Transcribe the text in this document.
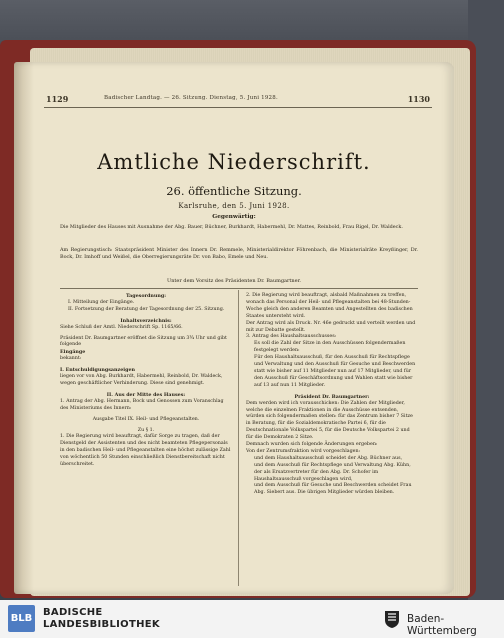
1129	Badischer Landtag. — 26. Sitzung. Dienstag, 5. Juni 1928.	1130
Amtliche Niederschrift.
26. öffentliche Sitzung.
Karlsruhe, den 5. Juni 1928.
Gegenwärtig:
Die Mitglieder des Hauses mit Ausnahme der Abg. Bauer, Büchner, Burkhardt, Habermehl, Dr. Mattes, Reinbold, Frau Rigel, Dr. Waldeck.
Am Regierungstisch: Staatspräsident Minister des Innern Dr. Remmele, Ministerialdirektor Föhrenbach, die Ministerialräte Kreyßinger, Dr. Bock, Dr. Imhoff und Weißel, die Oberregierungsräte Dr. von Babo, Emele und Neu.
Unter dem Vorsitz des Präsidenten Dr. Baumgartner.
Tagesordnung:
I. Mitteilung der Eingänge.
II. Fortsetzung der Beratung der Tagesordnung der 25. Sitzung.
Inhaltsverzeichnis:
Siehe Schluß der Amtl. Niederschrift Sp. 1165/66.
Präsident Dr. Baumgartner eröffnet die Sitzung um 3¾ Uhr und gibt folgende
Eingänge
bekannt:
I. Entschuldigungsanzeigen
liegen vor von Abg. Burkhardt, Habermehl, Reinbold, Dr. Waldeck, wegen geschäftlicher Verhinderung. Diese sind genehmigt.
II. Aus der Mitte des Hauses:
1. Antrag der Abg. Hermann, Bock und Genossen zum Voranschlag des Ministeriums des Innern:
Ausgabe Titel IX. Heil- und Pflegeanstalten.
Zu § 1.
1. Die Regierung wird beauftragt, dafür Sorge zu tragen, daß der Dienstgeld der Assistenten und des nicht beamteten Pflegepersonals in den badischen Heil- und Pflegeanstalten eine höchst zulässige Zahl von wöchentlich 50 Stunden einschließlich Dienstbereitschaft nicht überschreitet.
2. Die Regierung wird beauftragt, alsbald Maßnahmen zu treffen, wonach das Personal der Heil- und Pflegeanstalten bei 48-Stunden-Woche gleich den anderen Beamten und Angestellten des badischen Staates untersteht wird.
Der Antrag wird als Druck. Nr. 46e gedruckt und verteilt werden und mit zur Debatte gestellt.
3. Antrag des Haushaltsausschusses:
Es soll die Zahl der Sitze in den Ausschüssen folgendermaßen festgelegt werden:
Für den Haushaltsausschuß, für den Ausschuß für Rechtspflege und Verwaltung und den Ausschuß für Gesuche und Beschwerden statt wie bisher auf 11 Mitglieder nun auf 17 Mitglieder, und für den Ausschuß für Geschäftsordnung und Wahlen statt wie bisher auf 13 auf nun 11 Mitglieder.
Präsident Dr. Baumgartner:
Dem werden wird ich vorausschicken: Die Zahlen der Mitglieder, welche die einzelnen Fraktionen in die Ausschüsse entsenden, würden sich folgendermaßen stellen: für das Zentrum bisher 7 Sitze in Beratung, für die Sozialdemokratische Partei 6, für die Deutschnationale Volkspartei 5, für die Deutsche Volkspartei 2 und für die Demokraten 2 Sitze.
Demnach wurden sich folgende Änderungen ergeben:
Von der Zentrumsfraktion wird vorgeschlagen:
und dem Haushaltsausschuß scheidet der Abg. Büchner aus,
und dem Ausschuß für Rechtspflege und Verwaltung Abg. Kühn, der als Ersatzvertreter für den Abg. Dr. Schofer im Haushaltsausschuß vorgeschlagen wird,
und dem Ausschuß für Gesuche und Beschwerden scheidet Frau Abg. Siebert aus. Die übrigen Mitglieder würden bleiben.
BLB
BADISCHE
LANDESBIBLIOTHEK	Baden-Württemberg
